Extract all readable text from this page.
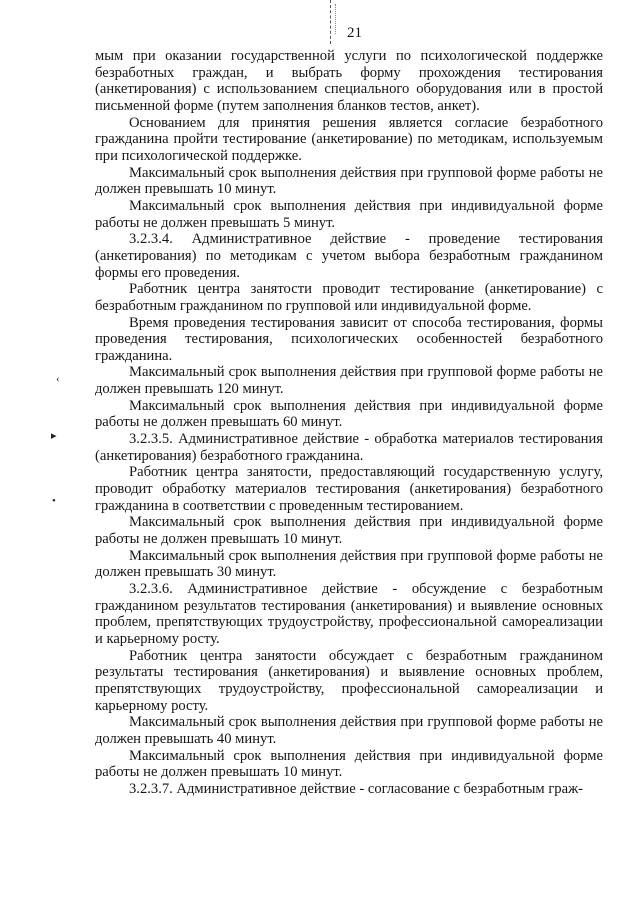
21
‹
▸
•

мым при оказании государственной услуги по психологической поддержке безработных граждан, и выбрать форму прохождения тестирования (анкетирования) с использованием специального оборудования или в простой письменной форме (путем заполнения бланков тестов, анкет).

Основанием для принятия решения является согласие безработного гражданина пройти тестирование (анкетирование) по методикам, используемым при психологической поддержке.

Максимальный срок выполнения действия при групповой форме работы не должен превышать 10 минут.

Максимальный срок выполнения действия при индивидуальной форме работы не должен превышать 5 минут.

3.2.3.4. Административное действие - проведение тестирования (анкетирования) по методикам с учетом выбора безработным гражданином формы его проведения.

Работник центра занятости проводит тестирование (анкетирование) с безработным гражданином по групповой или индивидуальной форме.

Время проведения тестирования зависит от способа тестирования, формы проведения тестирования, психологических особенностей безработного гражданина.

Максимальный срок выполнения действия при групповой форме работы не должен превышать 120 минут.

Максимальный срок выполнения действия при индивидуальной форме работы не должен превышать 60 минут.

3.2.3.5. Административное действие - обработка материалов тестирования (анкетирования) безработного гражданина.

Работник центра занятости, предоставляющий государственную услугу, проводит обработку материалов тестирования (анкетирования) безработного гражданина в соответствии с проведенным тестированием.

Максимальный срок выполнения действия при индивидуальной форме работы не должен превышать 10 минут.

Максимальный срок выполнения действия при групповой форме работы не должен превышать 30 минут.

3.2.3.6. Административное действие - обсуждение с безработным гражданином результатов тестирования (анкетирования) и выявление основных проблем, препятствующих трудоустройству, профессиональной самореализации и карьерному росту.

Работник центра занятости обсуждает с безработным гражданином результаты тестирования (анкетирования) и выявление основных проблем, препятствующих трудоустройству, профессиональной самореализации и карьерному росту.

Максимальный срок выполнения действия при групповой форме работы не должен превышать 40 минут.

Максимальный срок выполнения действия при индивидуальной форме работы не должен превышать 10 минут.

3.2.3.7. Административное действие - согласование с безработным граж-
